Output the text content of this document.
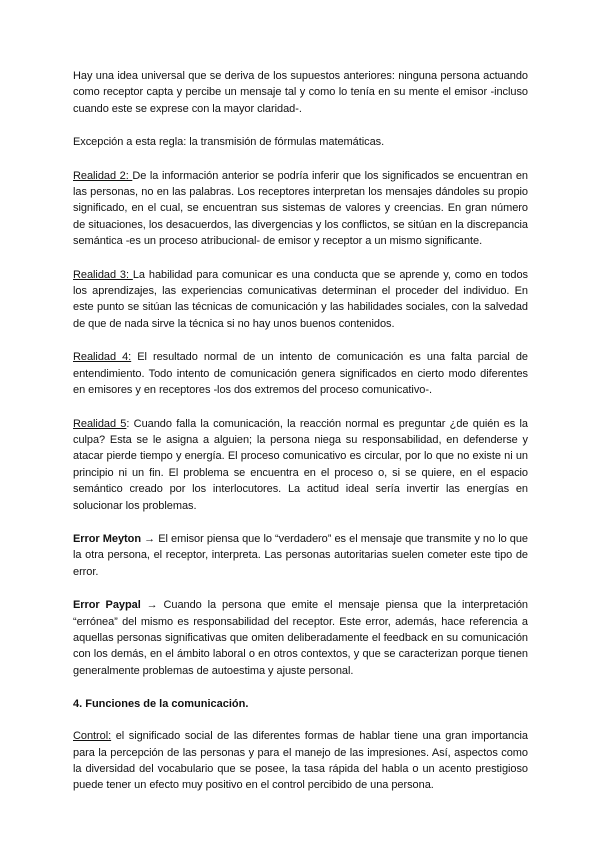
Hay una idea universal que se deriva de los supuestos anteriores: ninguna persona actuando como receptor capta y percibe un mensaje tal y como lo tenía en su mente el emisor -incluso cuando este se exprese con la mayor claridad-.

Excepción a esta regla: la transmisión de fórmulas matemáticas.

Realidad 2: De la información anterior se podría inferir que los significados se encuentran en las personas, no en las palabras. Los receptores interpretan los mensajes dándoles su propio significado, en el cual, se encuentran sus sistemas de valores y creencias. En gran número de situaciones, los desacuerdos, las divergencias y los conflictos, se sitúan en la discrepancia semántica -es un proceso atribucional- de emisor y receptor a un mismo significante.

Realidad 3: La habilidad para comunicar es una conducta que se aprende y, como en todos los aprendizajes, las experiencias comunicativas determinan el proceder del individuo. En este punto se sitúan las técnicas de comunicación y las habilidades sociales, con la salvedad de que de nada sirve la técnica si no hay unos buenos contenidos.

Realidad 4: El resultado normal de un intento de comunicación es una falta parcial de entendimiento. Todo intento de comunicación genera significados en cierto modo diferentes en emisores y en receptores -los dos extremos del proceso comunicativo-.

Realidad 5: Cuando falla la comunicación, la reacción normal es preguntar ¿de quién es la culpa? Esta se le asigna a alguien; la persona niega su responsabilidad, en defenderse y atacar pierde tiempo y energía. El proceso comunicativo es circular, por lo que no existe ni un principio ni un fin. El problema se encuentra en el proceso o, si se quiere, en el espacio semántico creado por los interlocutores. La actitud ideal sería invertir las energías en solucionar los problemas.

Error Meyton → El emisor piensa que lo “verdadero” es el mensaje que transmite y no lo que la otra persona, el receptor, interpreta. Las personas autoritarias suelen cometer este tipo de error.

Error Paypal → Cuando la persona que emite el mensaje piensa que la interpretación “errónea” del mismo es responsabilidad del receptor. Este error, además, hace referencia a aquellas personas significativas que omiten deliberadamente el feedback en su comunicación con los demás, en el ámbito laboral o en otros contextos, y que se caracterizan porque tienen generalmente problemas de autoestima y ajuste personal.

4. Funciones de la comunicación.

Control: el significado social de las diferentes formas de hablar tiene una gran importancia para la percepción de las personas y para el manejo de las impresiones. Así, aspectos como la diversidad del vocabulario que se posee, la tasa rápida del habla o un acento prestigioso puede tener un efecto muy positivo en el control percibido de una persona.
